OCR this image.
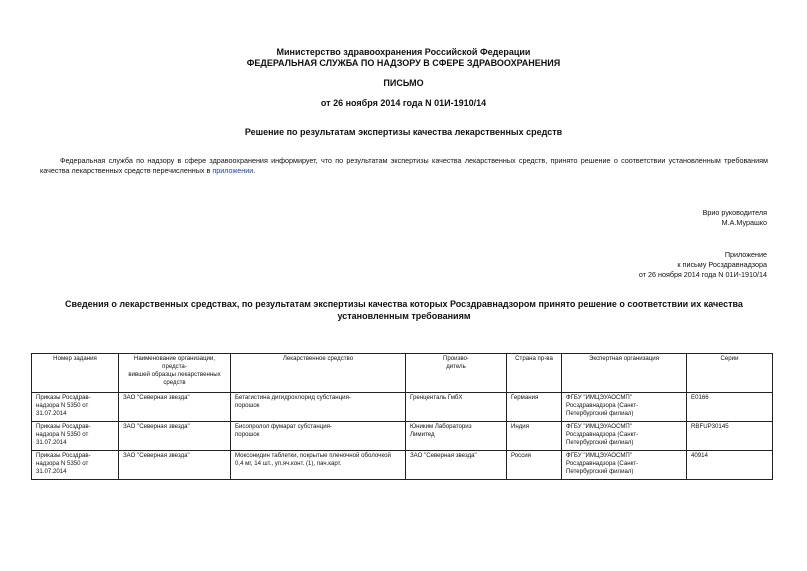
Министерство здравоохранения Российской Федерации
ФЕДЕРАЛЬНАЯ СЛУЖБА ПО НАДЗОРУ В СФЕРЕ ЗДРАВООХРАНЕНИЯ
ПИСЬМО
от 26 ноября 2014 года N 01И-1910/14
Решение по результатам экспертизы качества лекарственных средств
Федеральная служба по надзору в сфере здравоохранения информирует, что по результатам экспертизы качества лекарственных средств, принято решение о соответствии установленным требованиям качества лекарственных средств перечисленных в приложении.
Врио руководителя
М.А.Мурашко
Приложение
к письму Росздравнадзора
от 26 ноября 2014 года N 01И-1910/14
Сведения о лекарственных средствах, по результатам экспертизы качества которых Росздравнадзором принято решение о соответствии их качества установленным требованиям
Номер задания	Наименование организации, предста-
вившей образцы лекарственных
средств	Лекарственное средство	Произво-
дитель	Страна пр-ва	Экспертная организация	Серии
Приказы Росздрав-
надзора N 5350 от
31.07.2014	ЗАО "Северная звезда"	Бетагистина дигидрохлорид субстанция-
порошок	Гренценталь ГмбХ	Германия	ФГБУ "ИМЦЭУАОСМП"
Росздравнадзора (Санкт-
Петербургский филиал)	E0166
Приказы Росздрав-
надзора N 5350 от
31.07.2014	ЗАО "Северная звезда"	Бисопролол фумарат субстанция-
порошок	Юниким Лабораториз
Лимитед	Индия	ФГБУ "ИМЦЭУАОСМП"
Росздравнадзора (Санкт-
Петербургский филиал)	RBFUP30145
Приказы Росздрав-
надзора N 5350 от
31.07.2014	ЗАО "Северная звезда"	Моксонидин таблетки, покрытые пленочной оболочкой
0,4 мг, 14 шт., уп.яч.конт. (1), пач.карт.	ЗАО "Северная звезда"	Россия	ФГБУ "ИМЦЭУАОСМП"
Росздравнадзора (Санкт-
Петербургский филиал)	40914
